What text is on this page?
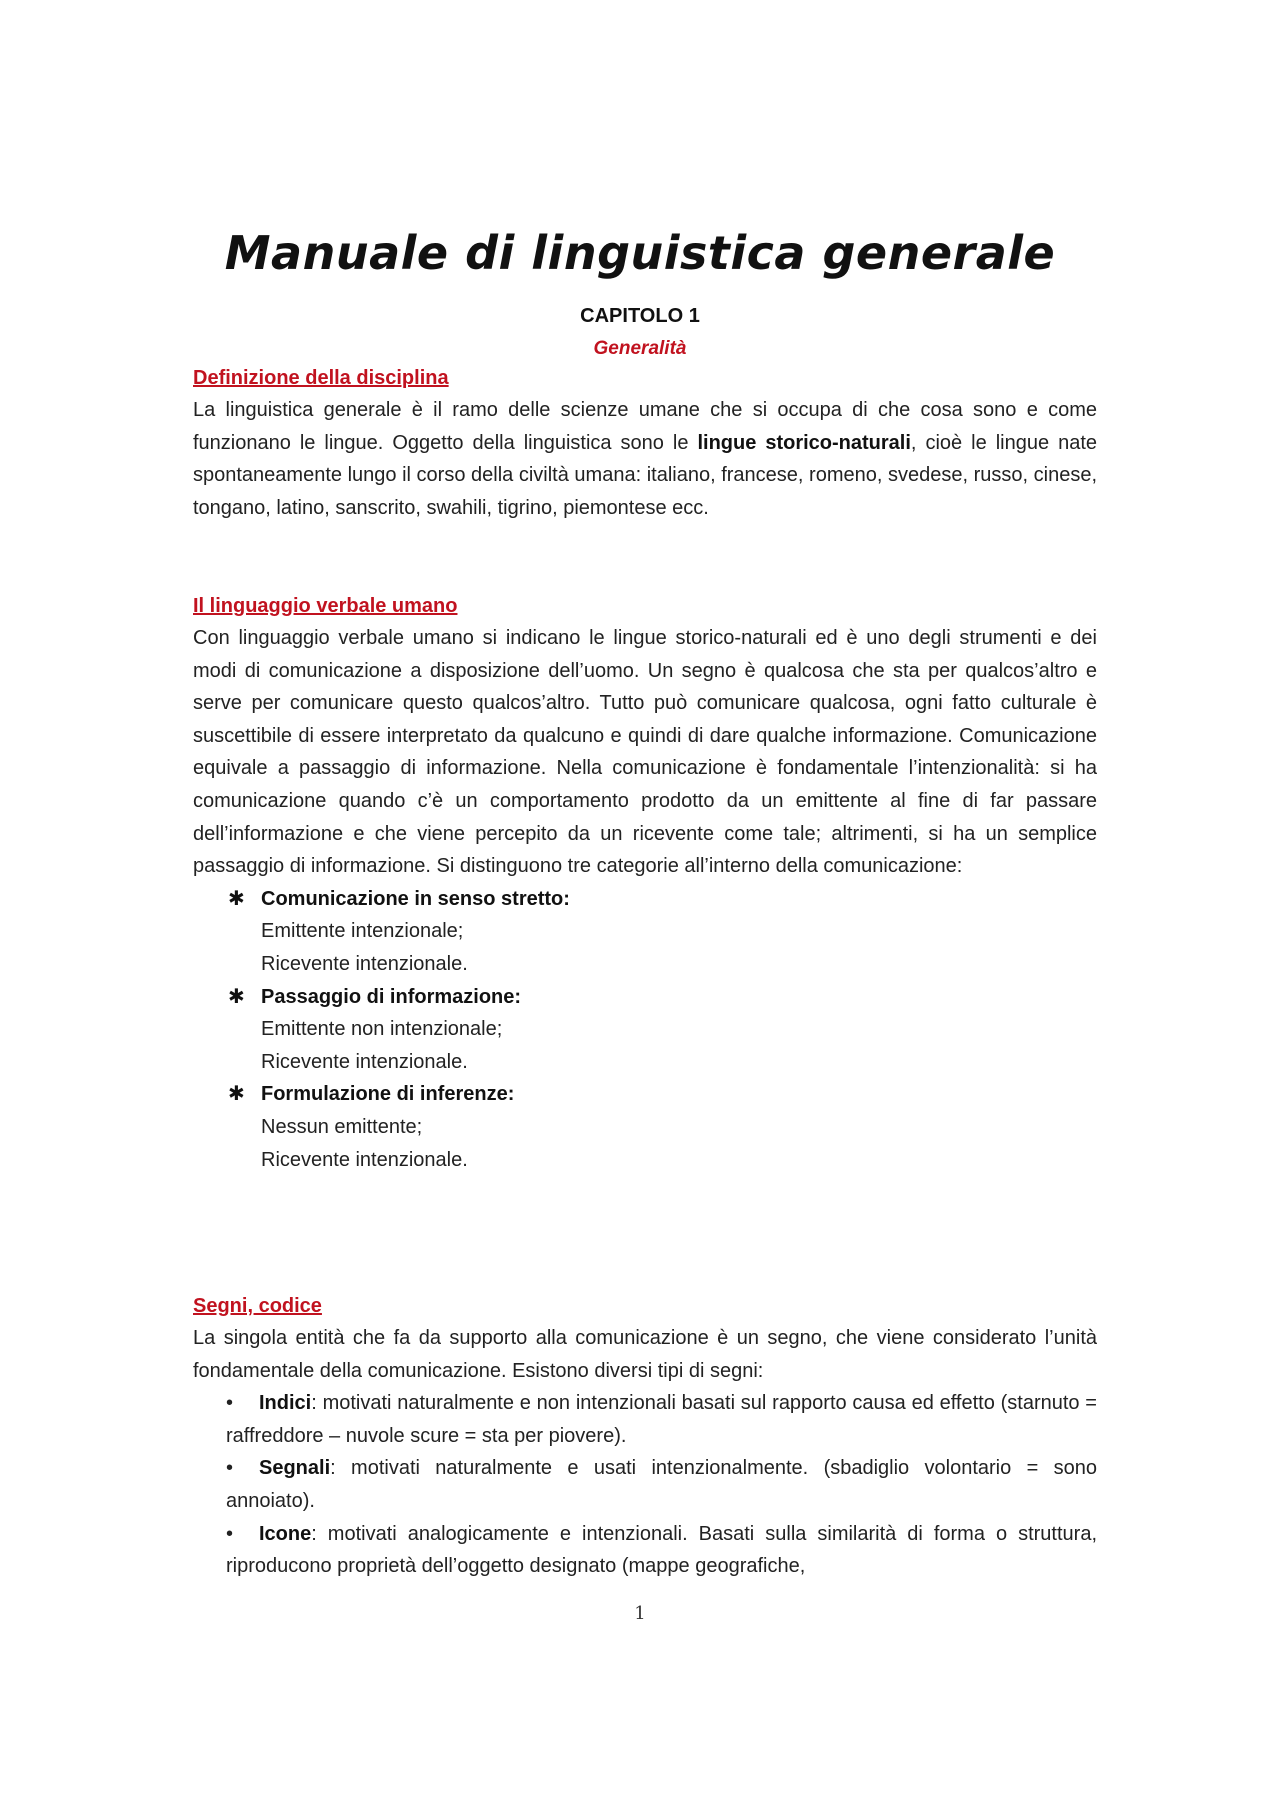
Manuale di linguistica generale
CAPITOLO 1
Generalità

Definizione della disciplina

La linguistica generale è il ramo delle scienze umane che si occupa di che cosa sono e come funzionano le lingue. Oggetto della linguistica sono le lingue storico-naturali, cioè le lingue nate spontaneamente lungo il corso della civiltà umana: italiano, francese, romeno, svedese, russo, cinese, tongano, latino, sanscrito, swahili, tigrino, piemontese ecc.

Il linguaggio verbale umano

Con linguaggio verbale umano si indicano le lingue storico-naturali ed è uno degli strumenti e dei modi di comunicazione a disposizione dell’uomo. Un segno è qualcosa che sta per qualcos’altro e serve per comunicare questo qualcos’altro. Tutto può comunicare qualcosa, ogni fatto culturale è suscettibile di essere interpretato da qualcuno e quindi di dare qualche informazione. Comunicazione equivale a passaggio di informazione. Nella comunicazione è fondamentale l’intenzionalità: si ha comunicazione quando c’è un comportamento prodotto da un emittente al fine di far passare dell’informazione e che viene percepito da un ricevente come tale; altrimenti, si ha un semplice passaggio di informazione. Si distinguono tre categorie all’interno della comunicazione:

✱ Comunicazione in senso stretto:
Emittente intenzionale;
Ricevente intenzionale.
✱ Passaggio di informazione:
Emittente non intenzionale;
Ricevente intenzionale.
✱ Formulazione di inferenze:
Nessun emittente;
Ricevente intenzionale.

Segni, codice

La singola entità che fa da supporto alla comunicazione è un segno, che viene considerato l’unità fondamentale della comunicazione. Esistono diversi tipi di segni:

• Indici: motivati naturalmente e non intenzionali basati sul rapporto causa ed effetto (starnuto = raffreddore – nuvole scure = sta per piovere).
• Segnali: motivati naturalmente e usati intenzionalmente. (sbadiglio volontario = sono annoiato).
• Icone: motivati analogicamente e intenzionali. Basati sulla similarità di forma o struttura, riproducono proprietà dell’oggetto designato (mappe geografiche,
1
